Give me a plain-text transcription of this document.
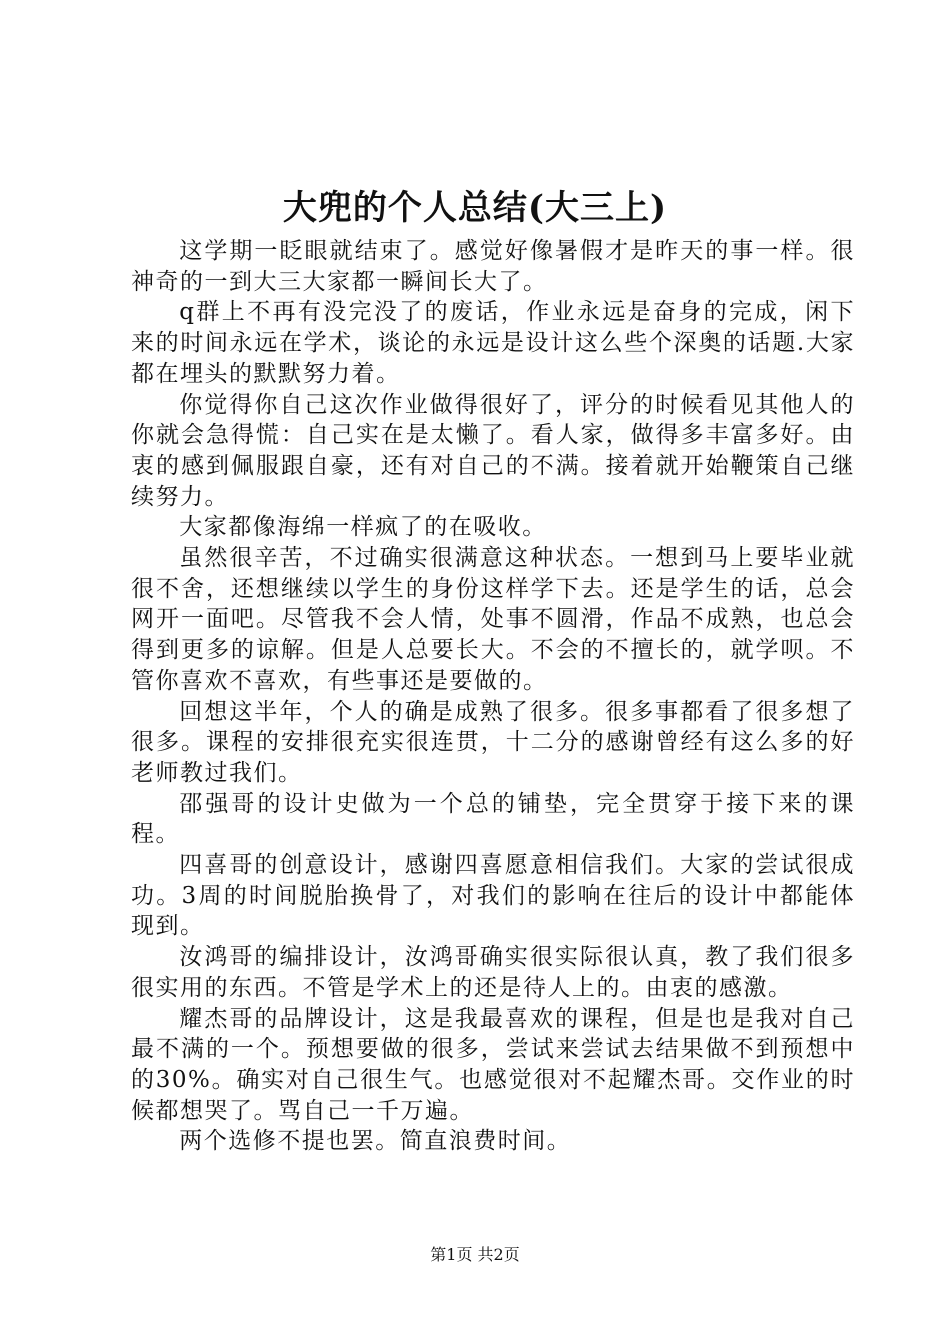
大兜的个人总结(大三上)

这学期一眨眼就结束了。感觉好像暑假才是昨天的事一样。很神奇的一到大三大家都一瞬间长大了。

q群上不再有没完没了的废话，作业永远是奋身的完成，闲下来的时间永远在学术，谈论的永远是设计这么些个深奥的话题.大家都在埋头的默默努力着。

你觉得你自己这次作业做得很好了，评分的时候看见其他人的你就会急得慌：自己实在是太懒了。看人家，做得多丰富多好。由衷的感到佩服跟自豪，还有对自己的不满。接着就开始鞭策自己继续努力。

大家都像海绵一样疯了的在吸收。

虽然很辛苦，不过确实很满意这种状态。一想到马上要毕业就很不舍，还想继续以学生的身份这样学下去。还是学生的话，总会网开一面吧。尽管我不会人情，处事不圆滑，作品不成熟，也总会得到更多的谅解。但是人总要长大。不会的不擅长的，就学呗。不管你喜欢不喜欢，有些事还是要做的。

回想这半年，个人的确是成熟了很多。很多事都看了很多想了很多。课程的安排很充实很连贯，十二分的感谢曾经有这么多的好老师教过我们。

邵强哥的设计史做为一个总的铺垫，完全贯穿于接下来的课程。

四喜哥的创意设计，感谢四喜愿意相信我们。大家的尝试很成功。3周的时间脱胎换骨了，对我们的影响在往后的设计中都能体现到。

汝鸿哥的编排设计，汝鸿哥确实很实际很认真，教了我们很多很实用的东西。不管是学术上的还是待人上的。由衷的感激。

耀杰哥的品牌设计，这是我最喜欢的课程，但是也是我对自己最不满的一个。预想要做的很多，尝试来尝试去结果做不到预想中的30%。确实对自己很生气。也感觉很对不起耀杰哥。交作业的时候都想哭了。骂自己一千万遍。

两个选修不提也罢。简直浪费时间。

第1页 共2页
